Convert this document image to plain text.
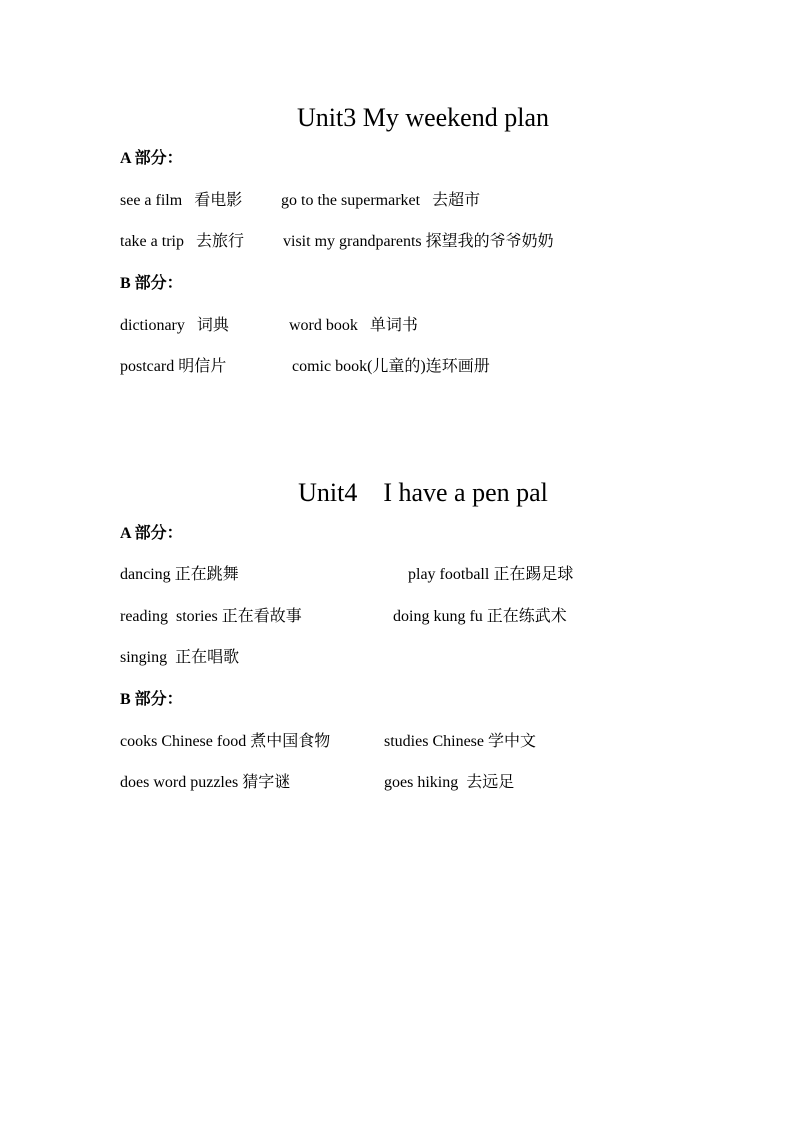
Unit3 My weekend plan
A 部分：
see a film   看电影 go to the supermarket   去超市
take a trip   去旅行 visit my grandparents 探望我的爷爷奶奶
B 部分：
dictionary   词典	word book   单词书
postcard 明信片	comic book(儿童的)连环画册
Unit4    I have a pen pal
A 部分：
dancing 正在跳舞	play football 正在踢足球
reading  stories 正在看故事	doing kung fu 正在练武术
singing  正在唱歌
B 部分：
cooks Chinese food 煮中国食物	studies Chinese 学中文
does word puzzles 猜字谜	goes hiking  去远足
